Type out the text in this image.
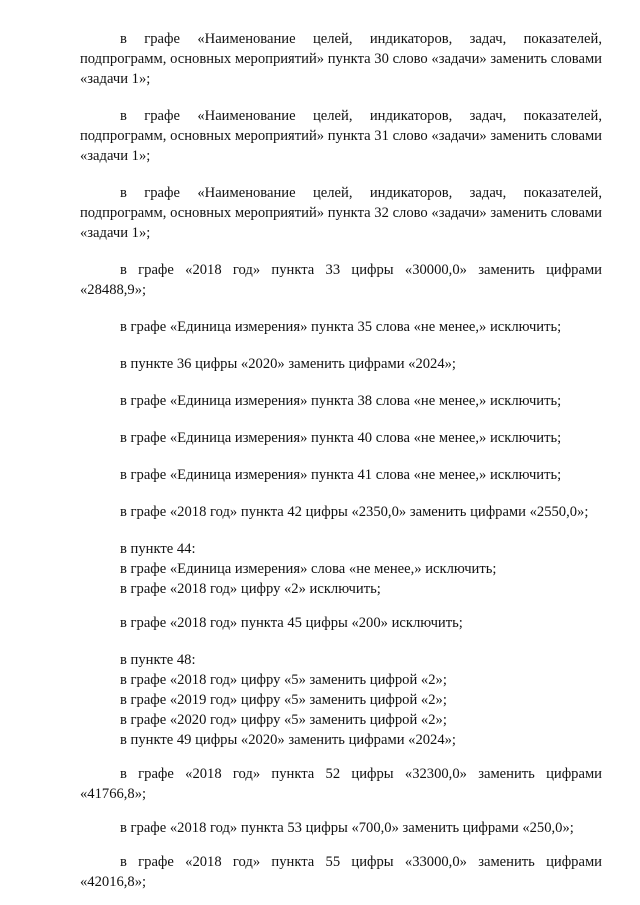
в графе «Наименование целей, индикаторов, задач, показателей, подпрограмм, основных мероприятий» пункта 30 слово «задачи» заменить словами «задачи 1»;

в графе «Наименование целей, индикаторов, задач, показателей, подпрограмм, основных мероприятий» пункта 31 слово «задачи» заменить словами «задачи 1»;

в графе «Наименование целей, индикаторов, задач, показателей, подпрограмм, основных мероприятий» пункта 32 слово «задачи» заменить словами «задачи 1»;

в графе «2018 год» пункта 33 цифры «30000,0» заменить цифрами «28488,9»;

в графе «Единица измерения» пункта 35 слова «не менее,» исключить;

в пункте 36 цифры «2020» заменить цифрами «2024»;

в графе «Единица измерения» пункта 38 слова «не менее,» исключить;

в графе «Единица измерения» пункта 40 слова «не менее,» исключить;

в графе «Единица измерения» пункта 41 слова «не менее,» исключить;

в графе «2018 год» пункта 42 цифры «2350,0» заменить цифрами «2550,0»;

в пункте 44:
в графе «Единица измерения» слова «не менее,» исключить;
в графе «2018 год» цифру «2» исключить;
в графе «2018 год» пункта 45 цифры «200» исключить;
в пункте 48:
в графе «2018 год» цифру «5» заменить цифрой «2»;
в графе «2019 год» цифру «5» заменить цифрой «2»;
в графе «2020 год» цифру «5» заменить цифрой «2»;
в пункте 49 цифры «2020» заменить цифрами «2024»;

в графе «2018 год» пункта 52 цифры «32300,0» заменить цифрами «41766,8»;

в графе «2018 год» пункта 53 цифры «700,0» заменить цифрами «250,0»;

в графе «2018 год» пункта 55 цифры «33000,0» заменить цифрами «42016,8»;
